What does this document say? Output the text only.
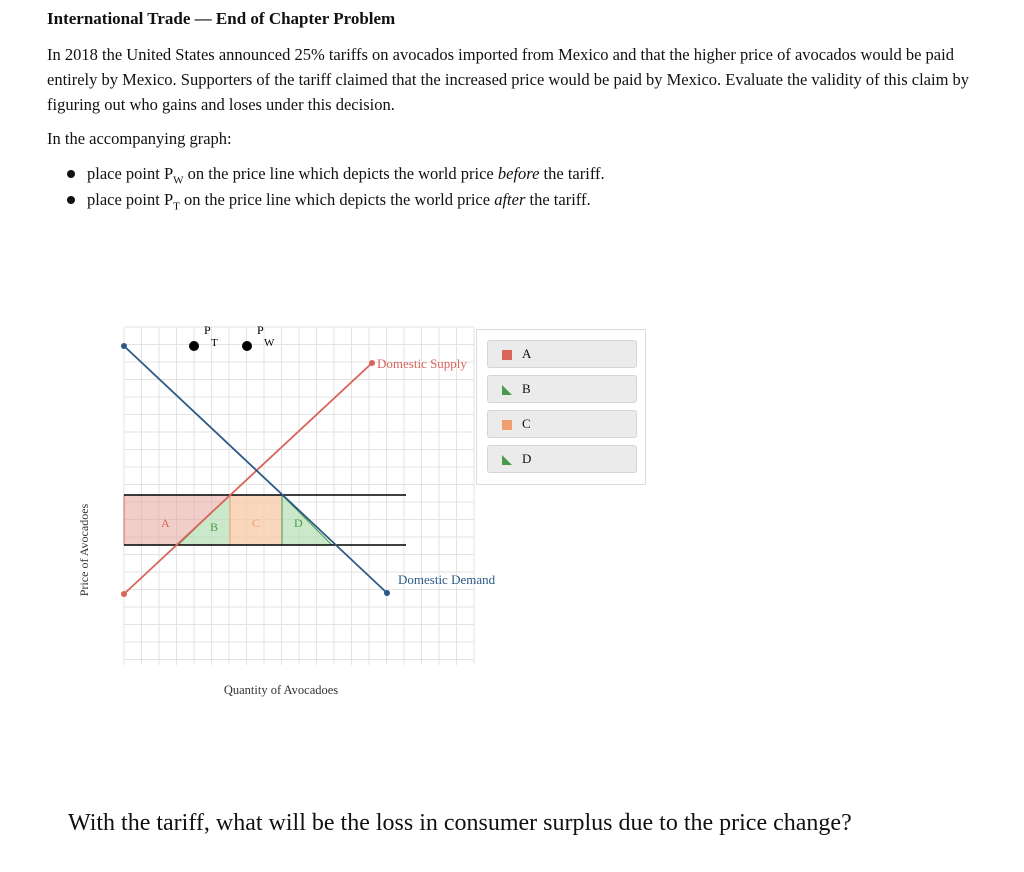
International Trade — End of Chapter Problem
In 2018 the United States announced 25% tariffs on avocados imported from Mexico and that the higher price of avocados would be paid entirely by Mexico. Supporters of the tariff claimed that the increased price would be paid by Mexico. Evaluate the validity of this claim by figuring out who gains and loses under this decision.
In the accompanying graph:
place point $P_W$ on the price line which depicts the world price before the tariff.
place point $P_T$ on the price line which depicts the world price after the tariff.
A	B	C	D
Domestic Supply
Domestic Demand
P
T
P
W
Price of Avocadoes
Quantity of Avocadoes
A
B
C
D
With the tariff, what will be the loss in consumer surplus due to the price change?
